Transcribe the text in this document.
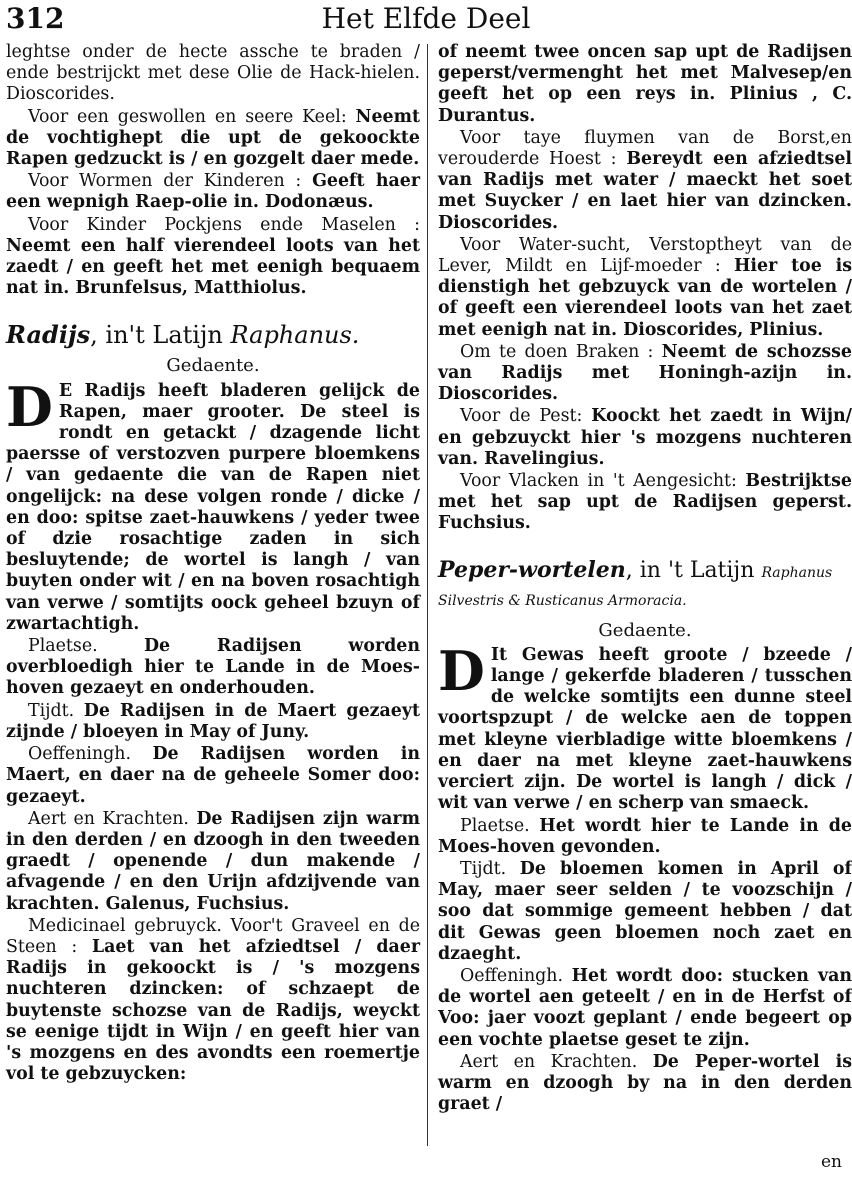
312	Het Elfde Deel

leghtse onder de hecte assche te braden / ende bestrijckt met dese Olie de Hack-hielen. Dioscorides.

Voor een geswollen en seere Keel: Neemt de vochtighept die upt de gekoockte Rapen gedzuckt is / en gozgelt daer mede.

Voor Wormen der Kinderen : Geeft haer een wepnigh Raep-olie in. Dodonæus.

Voor Kinder Pockjens ende Maselen : Neemt een half vierendeel loots van het zaedt / en geeft het met eenigh bequaem nat in. Brunfelsus, Matthiolus.

Radijs, in't Latijn Raphanus.
Gedaente.

D E Radijs heeft bladeren gelijck de Rapen, maer grooter. De steel is rondt en getackt / dzagende licht paersse of verstozven purpere bloemkens / van gedaente die van de Rapen niet ongelijck: na dese volgen ronde / dicke / en doo: spitse zaet-hauwkens / yeder twee of dzie rosachtige zaden in sich besluytende; de wortel is langh / van buyten onder wit / en na boven rosachtigh van verwe / somtijts oock geheel bzuyn of zwartachtigh.

Plaetse.	De Radijsen worden overbloedigh hier te Lande in de Moes-hoven gezaeyt en onderhouden.

Tijdt. De Radijsen in de Maert gezaeyt zijnde / bloeyen in May of Juny.

Oeffeningh. De Radijsen worden in Maert, en daer na de geheele Somer doo: gezaeyt.

Aert en Krachten. De Radijsen zijn warm in den derden / en dzoogh in den tweeden graedt / openende / dun makende / afvagende / en den Urijn afdzijvende van krachten. Galenus, Fuchsius.

Medicinael gebruyck. Voor't Graveel en de Steen : Laet van het afziedtsel / daer Radijs in gekoockt is / 's mozgens nuchteren dzincken: of schzaept de buytenste schozse van de Radijs, weyckt se eenige tijdt in Wijn / en geeft hier van 's mozgens en des avondts een roemertje vol te gebzuycken:

of neemt twee oncen sap upt de Radijsen geperst/vermenght het met Malvesep/en geeft het op een reys in. Plinius , C. Durantus.

Voor taye fluymen van de Borst,en verouderde Hoest : Bereydt een afziedtsel van Radijs met water / maeckt het soet met Suycker / en laet hier van dzincken. Dioscorides.

Voor Water-sucht, Verstoptheyt van de Lever, Mildt en Lijf-moeder : Hier toe is dienstigh het gebzuyck van de wortelen / of geeft een vierendeel loots van het zaet met eenigh nat in. Dioscorides, Plinius.

Om te doen Braken : Neemt de schozsse van Radijs met Honingh-azijn in. Dioscorides.

Voor de Pest: Koockt het zaedt in Wijn/ en gebzuyckt hier 's mozgens nuchteren van. Ravelingius.

Voor Vlacken in 't Aengesicht: Bestrijktse met het sap upt de Radijsen geperst. Fuchsius.

Peper-wortelen, in 't Latijn Raphanus Silvestris & Rusticanus Armoracia.
Gedaente.

D It Gewas heeft groote / bzeede / lange / gekerfde bladeren / tusschen de welcke somtijts een dunne steel voortspzupt / de welcke aen de toppen met kleyne vierbladige witte bloemkens / en daer na met kleyne zaet-hauwkens verciert zijn. De wortel is langh / dick / wit van verwe / en scherp van smaeck.

Plaetse. Het wordt hier te Lande in de Moes-hoven gevonden.

Tijdt. De bloemen komen in April of May, maer seer selden / te voozschijn / soo dat sommige gemeent hebben / dat dit Gewas geen bloemen noch zaet en dzaeght.

Oeffeningh. Het wordt doo: stucken van de wortel aen geteelt / en in de Herfst of Voo: jaer voozt geplant / ende begeert op een vochte plaetse geset te zijn.

Aert en Krachten. De Peper-wortel is warm en dzoogh by na in den derden graet /

en
